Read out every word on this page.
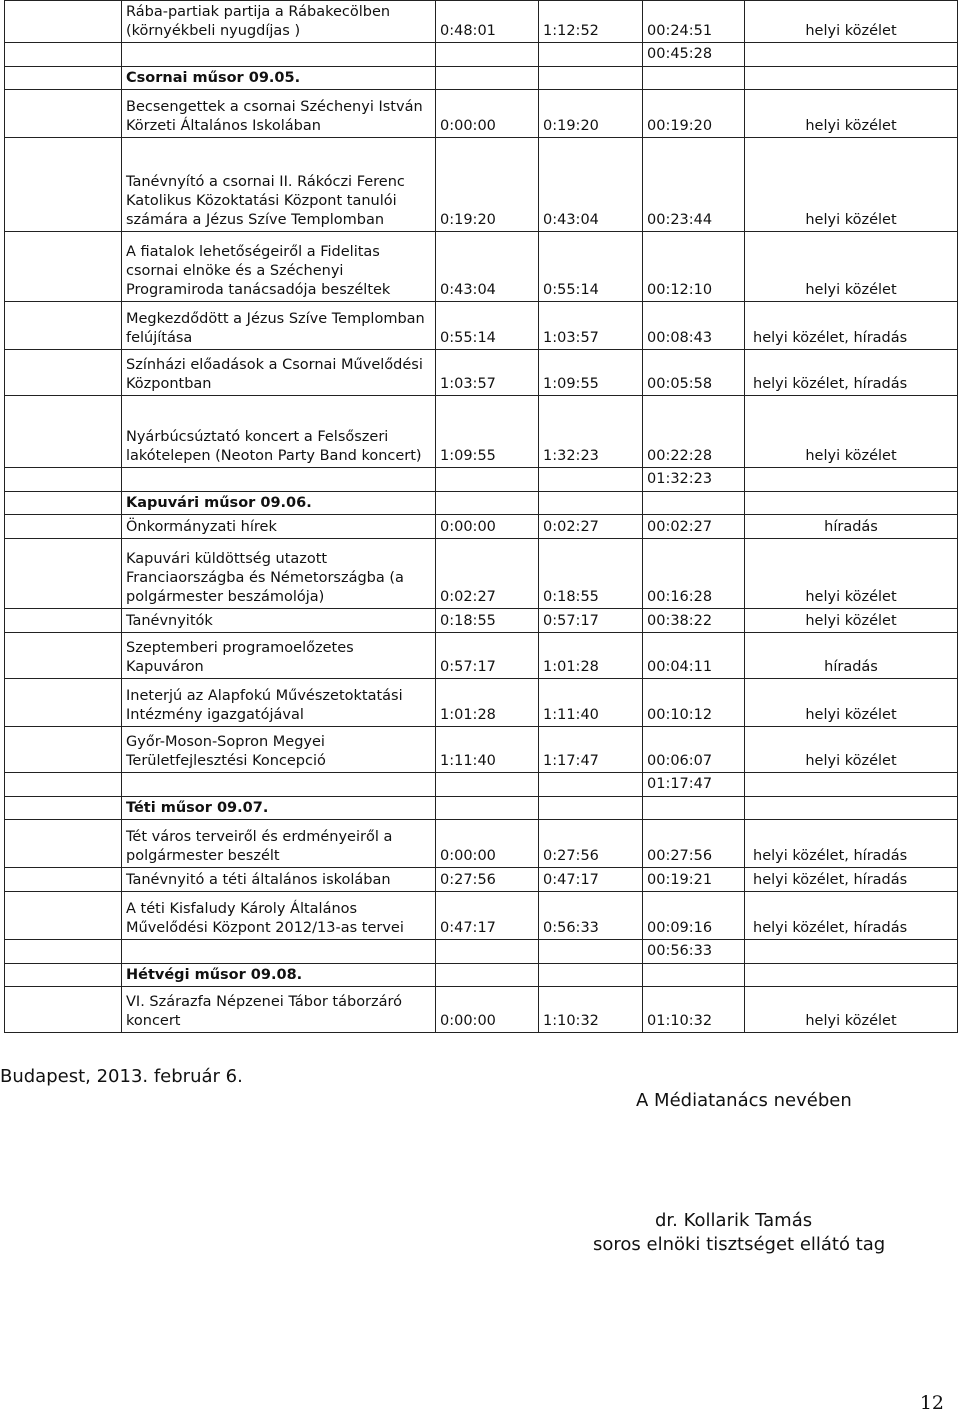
	Rába-partiak partija a Rábakecölben (környékbeli nyugdíjas )	0:48:01	1:12:52	00:24:51	helyi közélet
				00:45:28	
	Csornai műsor 09.05.				
	Becsengettek a csornai Széchenyi István Körzeti Általános Iskolában	0:00:00	0:19:20	00:19:20	helyi közélet
	Tanévnyító a csornai II. Rákóczi Ferenc Katolikus Közoktatási Központ tanulói számára a Jézus Szíve Templomban	0:19:20	0:43:04	00:23:44	helyi közélet
	A fiatalok lehetőségeiről a Fidelitas csornai elnöke és a Széchenyi Programiroda tanácsadója beszéltek	0:43:04	0:55:14	00:12:10	helyi közélet
	Megkezdődött a Jézus Szíve Templomban felújítása	0:55:14	1:03:57	00:08:43	helyi közélet, híradás
	Színházi előadások a Csornai Művelődési Központban	1:03:57	1:09:55	00:05:58	helyi közélet, híradás
	Nyárbúcsúztató koncert a Felsőszeri lakótelepen (Neoton Party Band koncert)	1:09:55	1:32:23	00:22:28	helyi közélet
				01:32:23	
	Kapuvári műsor 09.06.				
	Önkormányzati hírek	0:00:00	0:02:27	00:02:27	híradás
	Kapuvári küldöttség utazott Franciaországba és Németországba (a polgármester beszámolója)	0:02:27	0:18:55	00:16:28	helyi közélet
	Tanévnyitók	0:18:55	0:57:17	00:38:22	helyi közélet
	Szeptemberi programoelőzetes Kapuváron	0:57:17	1:01:28	00:04:11	híradás
	Ineterjú az Alapfokú Művészetoktatási Intézmény igazgatójával	1:01:28	1:11:40	00:10:12	helyi közélet
	Győr-Moson-Sopron Megyei Területfejlesztési Koncepció	1:11:40	1:17:47	00:06:07	helyi közélet
				01:17:47	
	Téti műsor 09.07.				
	Tét város terveiről és erdményeiről a polgármester beszélt	0:00:00	0:27:56	00:27:56	helyi közélet, híradás
	Tanévnyitó a téti általános iskolában	0:27:56	0:47:17	00:19:21	helyi közélet, híradás
	A téti Kisfaludy Károly Általános Művelődési Központ 2012/13-as tervei	0:47:17	0:56:33	00:09:16	helyi közélet, híradás
				00:56:33	
	Hétvégi műsor 09.08.				
	VI. Szárazfa Népzenei Tábor táborzáró koncert	0:00:00	1:10:32	01:10:32	helyi közélet
Budapest, 2013. február 6.
A Médiatanács nevében
dr. Kollarik Tamás
soros elnöki tisztséget ellátó tag
12
